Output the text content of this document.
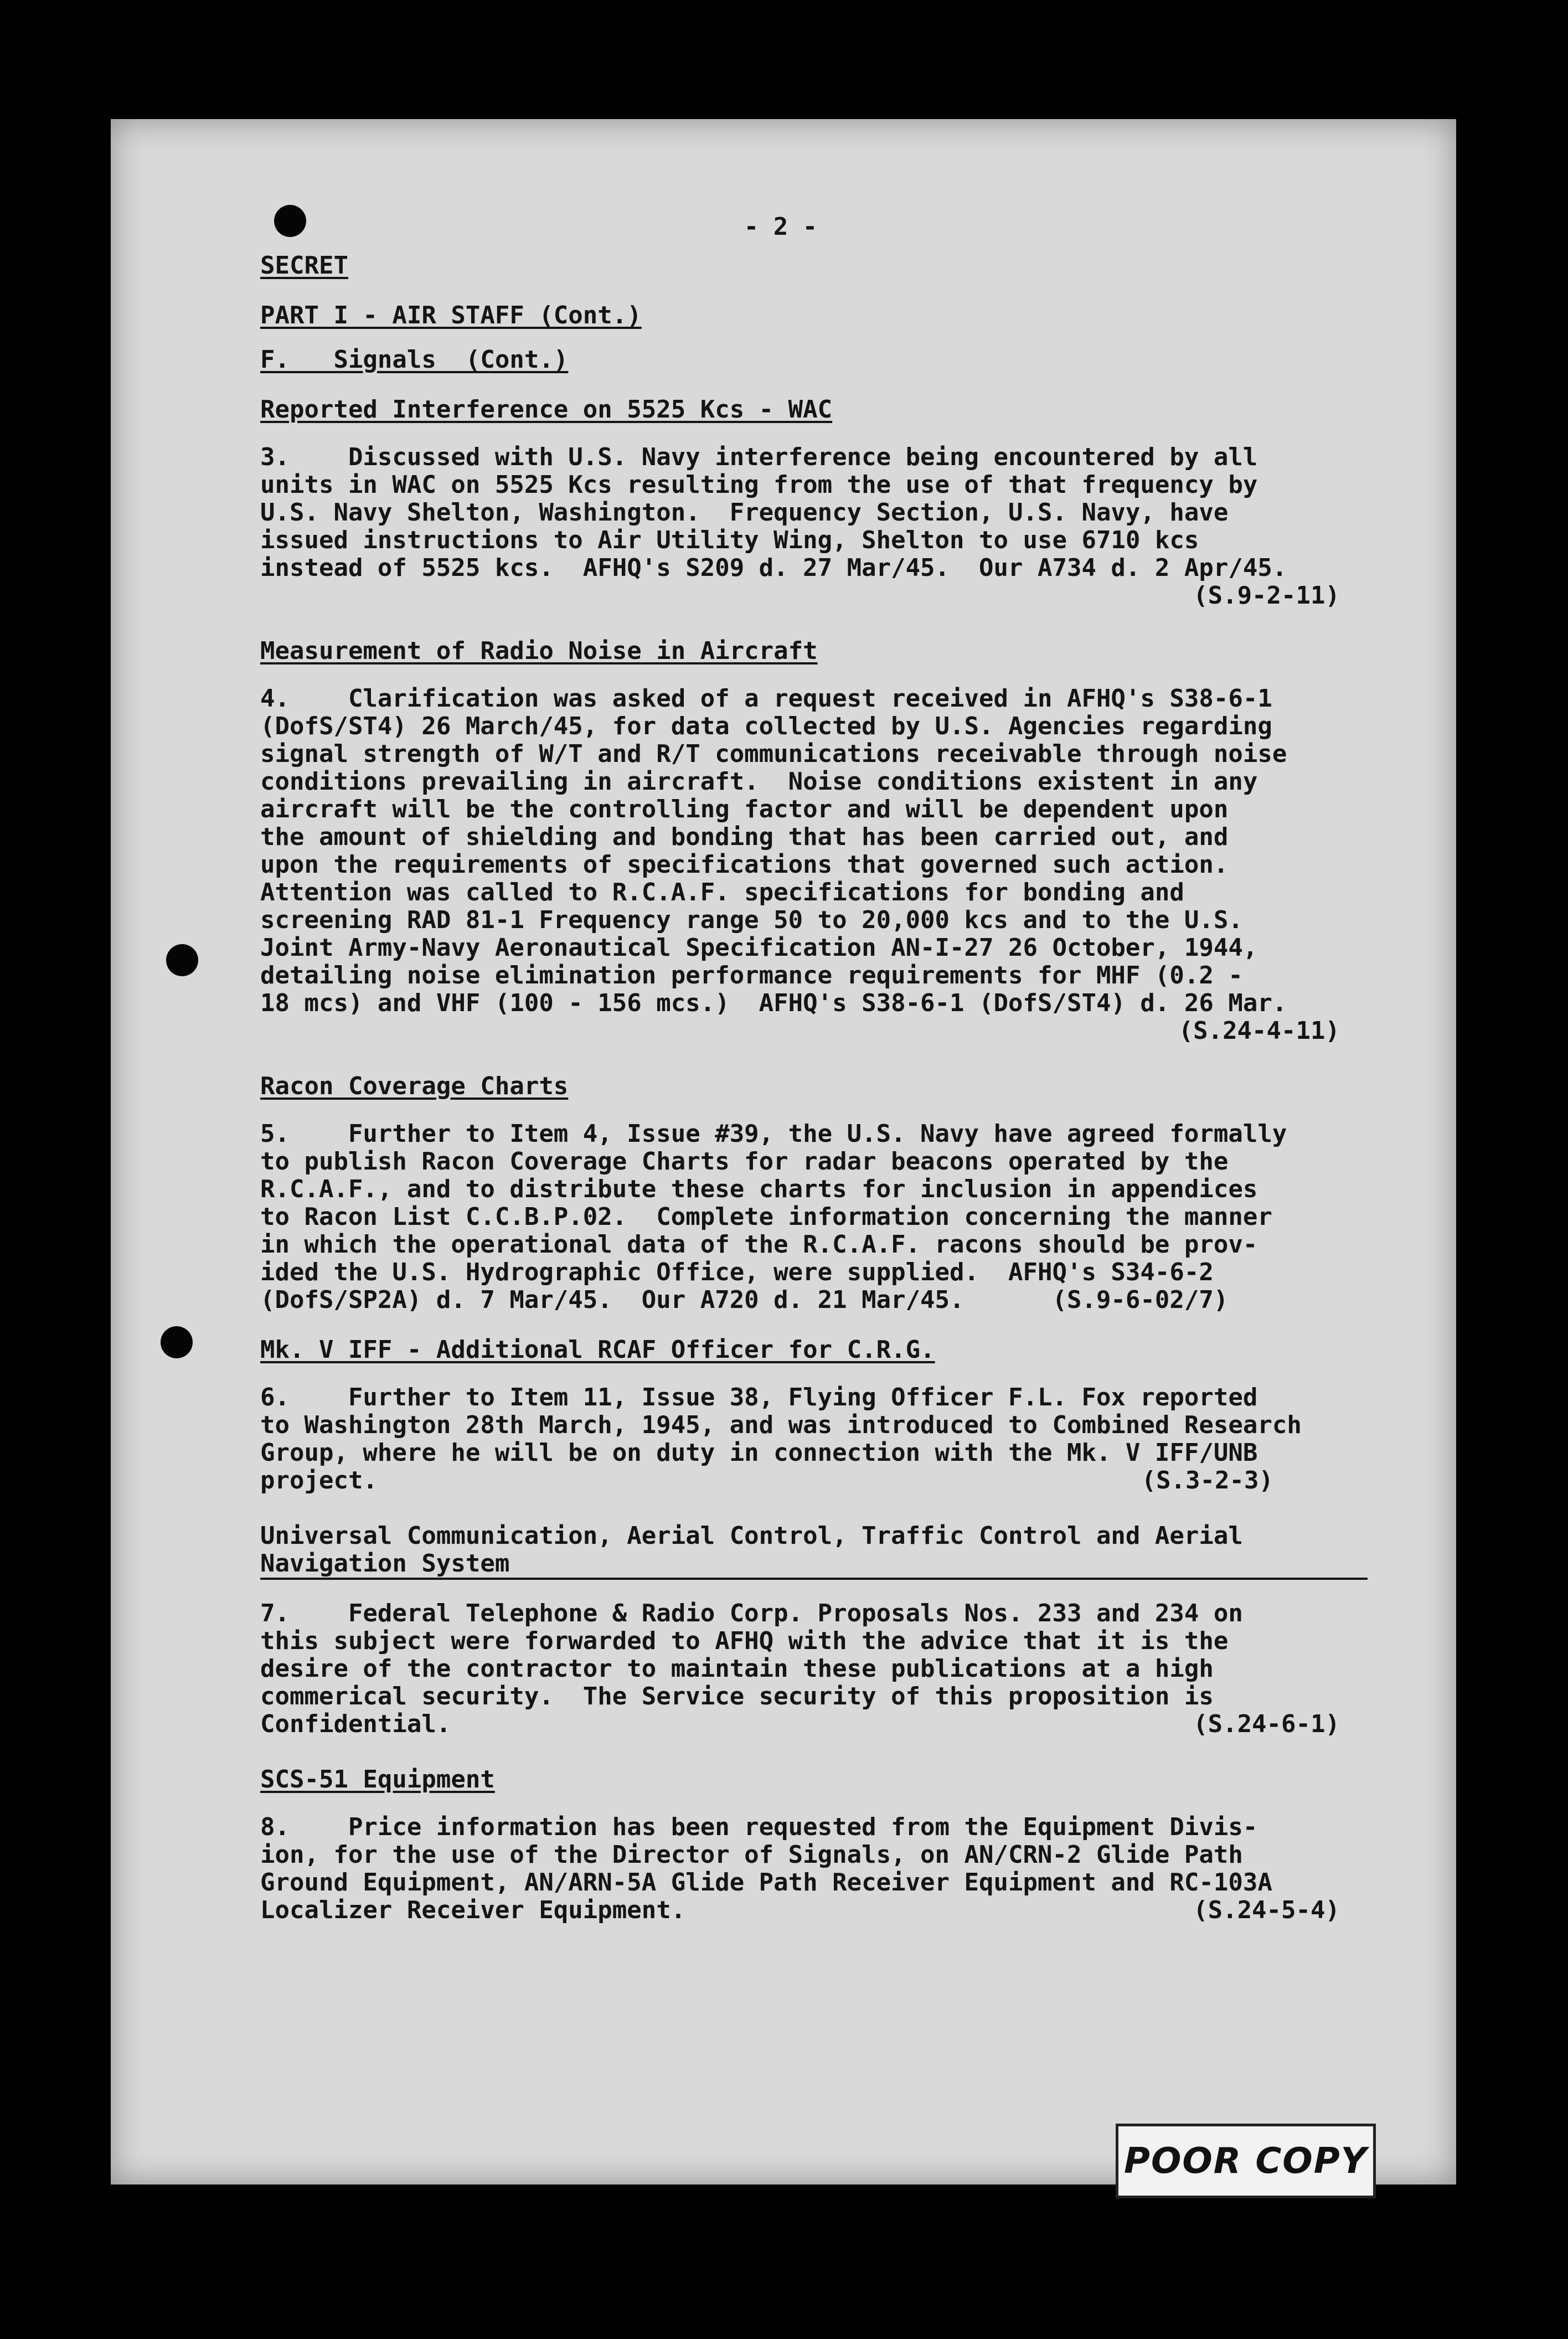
- 2 -
SECRET
PART I - AIR STAFF (Cont.)
F.   Signals  (Cont.)
Reported Interference on 5525 Kcs - WAC
3.    Discussed with U.S. Navy interference being encountered by all
units in WAC on 5525 Kcs resulting from the use of that frequency by
U.S. Navy Shelton, Washington.  Frequency Section, U.S. Navy, have
issued instructions to Air Utility Wing, Shelton to use 6710 kcs
instead of 5525 kcs.  AFHQ's S209 d. 27 Mar/45.  Our A734 d. 2 Apr/45.
(S.9-2-11)
Measurement of Radio Noise in Aircraft
4.    Clarification was asked of a request received in AFHQ's S38-6-1
(DofS/ST4) 26 March/45, for data collected by U.S. Agencies regarding
signal strength of W/T and R/T communications receivable through noise
conditions prevailing in aircraft.  Noise conditions existent in any
aircraft will be the controlling factor and will be dependent upon
the amount of shielding and bonding that has been carried out, and
upon the requirements of specifications that governed such action.
Attention was called to R.C.A.F. specifications for bonding and
screening RAD 81-1 Frequency range 50 to 20,000 kcs and to the U.S.
Joint Army-Navy Aeronautical Specification AN-I-27 26 October, 1944,
detailing noise elimination performance requirements for MHF (0.2 -
18 mcs) and VHF (100 - 156 mcs.)  AFHQ's S38-6-1 (DofS/ST4) d. 26 Mar.
(S.24-4-11)
Racon Coverage Charts
5.    Further to Item 4, Issue #39, the U.S. Navy have agreed formally
to publish Racon Coverage Charts for radar beacons operated by the
R.C.A.F., and to distribute these charts for inclusion in appendices
to Racon List C.C.B.P.02.  Complete information concerning the manner
in which the operational data of the R.C.A.F. racons should be prov-
ided the U.S. Hydrographic Office, were supplied.  AFHQ's S34-6-2
(DofS/SP2A) d. 7 Mar/45.  Our A720 d. 21 Mar/45.      (S.9-6-02/7)
Mk. V IFF - Additional RCAF Officer for C.R.G.
6.    Further to Item 11, Issue 38, Flying Officer F.L. Fox reported
to Washington 28th March, 1945, and was introduced to Combined Research
Group, where he will be on duty in connection with the Mk. V IFF/UNB
project.	(S.3-2-3)
Universal Communication, Aerial Control, Traffic Control and Aerial
Navigation System
7.    Federal Telephone & Radio Corp. Proposals Nos. 233 and 234 on
this subject were forwarded to AFHQ with the advice that it is the
desire of the contractor to maintain these publications at a high
commerical security.  The Service security of this proposition is
Confidential.	(S.24-6-1)
SCS-51 Equipment
8.    Price information has been requested from the Equipment Divis-
ion, for the use of the Director of Signals, on AN/CRN-2 Glide Path
Ground Equipment, AN/ARN-5A Glide Path Receiver Equipment and RC-103A
Localizer Receiver Equipment.	(S.24-5-4)
POOR COPY
